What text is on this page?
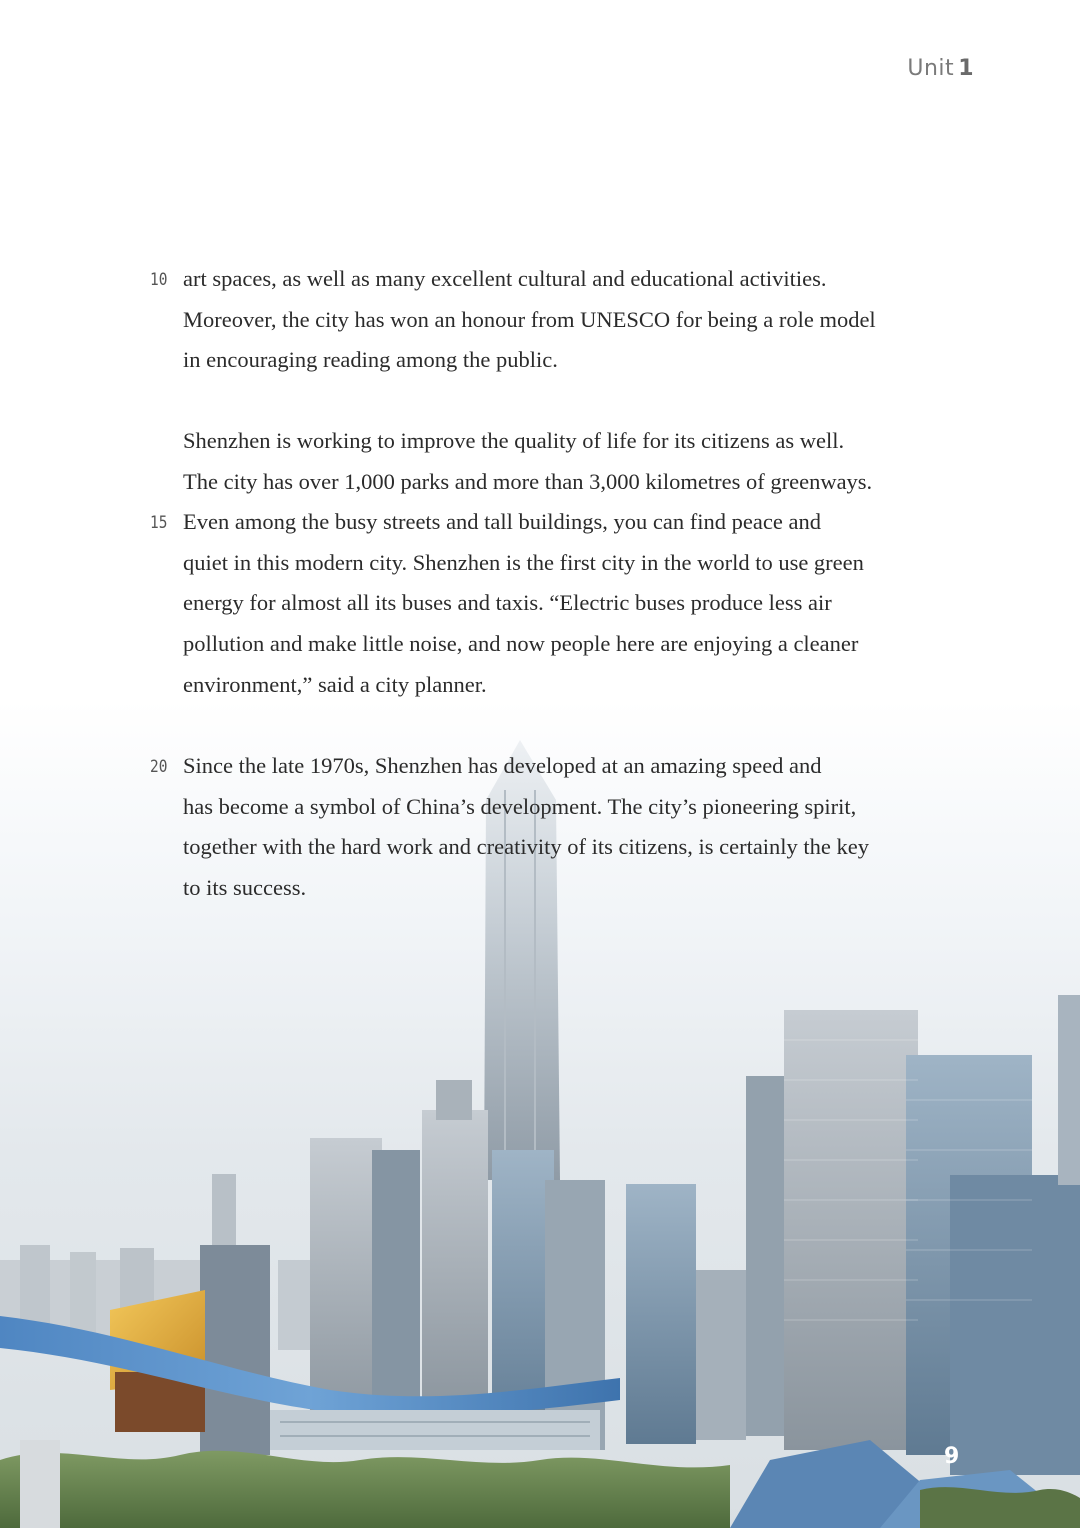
Unit 1
10
15
20
art spaces, as well as many excellent cultural and educational activities.
Moreover, the city has won an honour from UNESCO for being a role model
in encouraging reading among the public.
Shenzhen is working to improve the quality of life for its citizens as well.
The city has over 1,000 parks and more than 3,000 kilometres of greenways.
Even among the busy streets and tall buildings, you can find peace and
quiet in this modern city. Shenzhen is the first city in the world to use green
energy for almost all its buses and taxis. “Electric buses produce less air
pollution and make little noise, and now people here are enjoying a cleaner
environment,” said a city planner.
Since the late 1970s, Shenzhen has developed at an amazing speed and
has become a symbol of China’s development. The city’s pioneering spirit,
together with the hard work and creativity of its citizens, is certainly the key
to its success.
9
